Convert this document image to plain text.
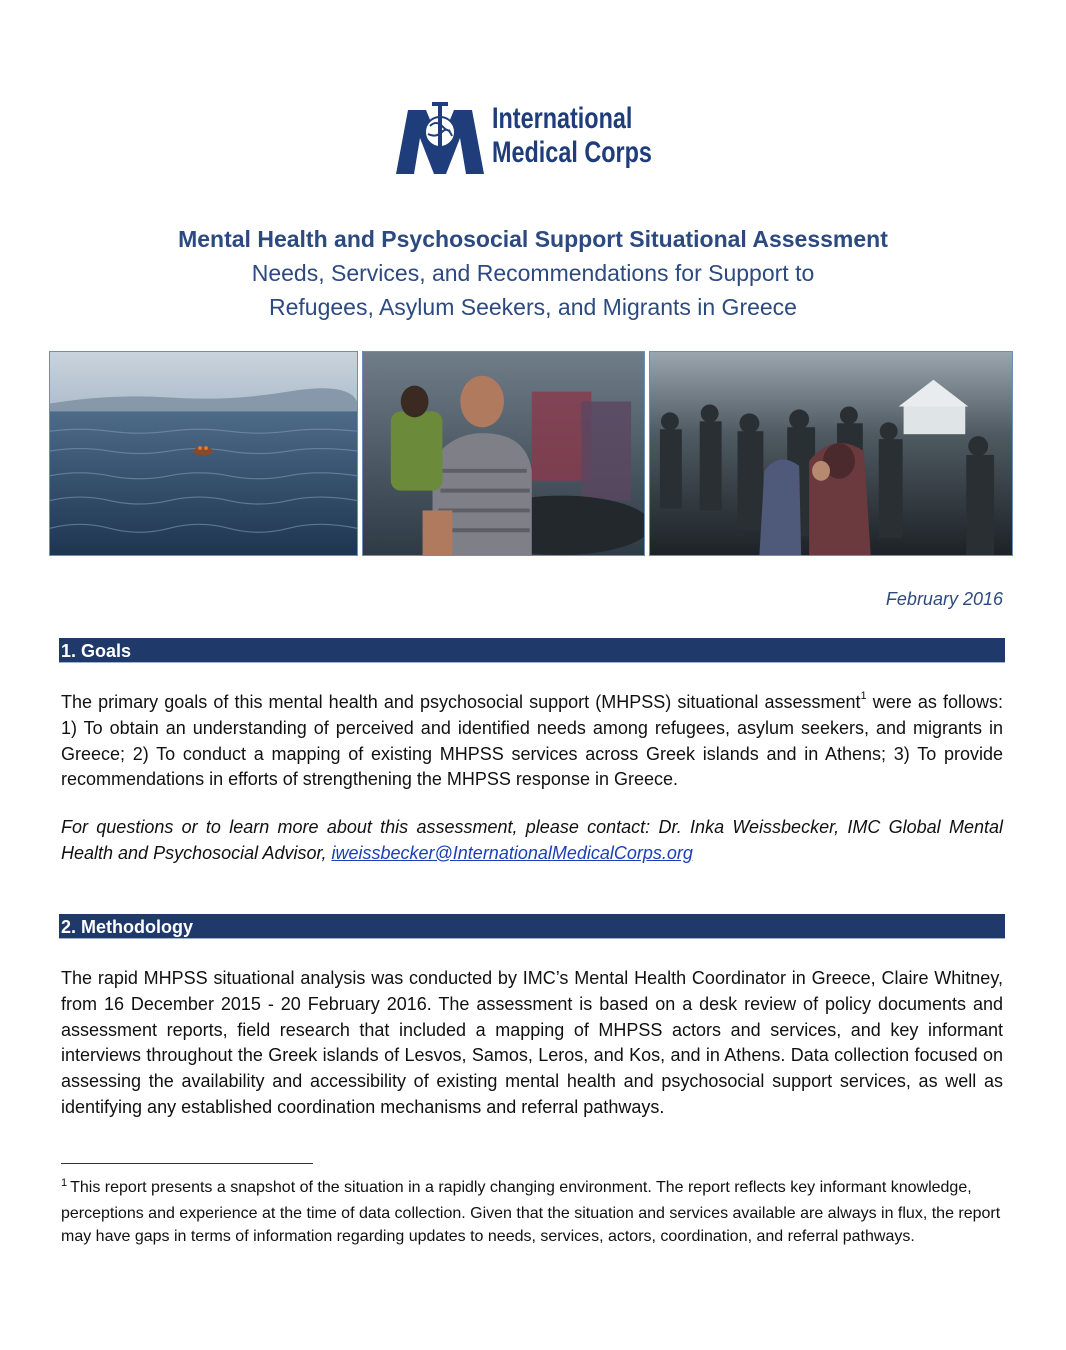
International
Medical Corps
Mental Health and Psychosocial Support Situational Assessment
Needs, Services, and Recommendations for Support to
Refugees, Asylum Seekers, and Migrants in Greece
February 2016
1. Goals
The primary goals of this mental health and psychosocial support (MHPSS) situational assessment$^1$ were as follows: 1) To obtain an understanding of perceived and identified needs among refugees, asylum seekers, and migrants in Greece; 2) To conduct a mapping of existing MHPSS services across Greek islands and in Athens; 3) To provide recommendations in efforts of strengthening the MHPSS response in Greece.
For questions or to learn more about this assessment, please contact: Dr. Inka Weissbecker, IMC Global Mental Health and Psychosocial Advisor, iweissbecker@InternationalMedicalCorps.org
2. Methodology
The rapid MHPSS situational analysis was conducted by IMC’s Mental Health Coordinator in Greece, Claire Whitney, from 16 December 2015 - 20 February 2016. The assessment is based on a desk review of policy documents and assessment reports, field research that included a mapping of MHPSS actors and services, and key informant interviews throughout the Greek islands of Lesvos, Samos, Leros, and Kos, and in Athens. Data collection focused on assessing the availability and accessibility of existing mental health and psychosocial support services, as well as identifying any established coordination mechanisms and referral pathways.
$^1$ This report presents a snapshot of the situation in a rapidly changing environment. The report reflects key informant knowledge, perceptions and experience at the time of data collection. Given that the situation and services available are always in flux, the report may have gaps in terms of information regarding updates to needs, services, actors, coordination, and referral pathways.
